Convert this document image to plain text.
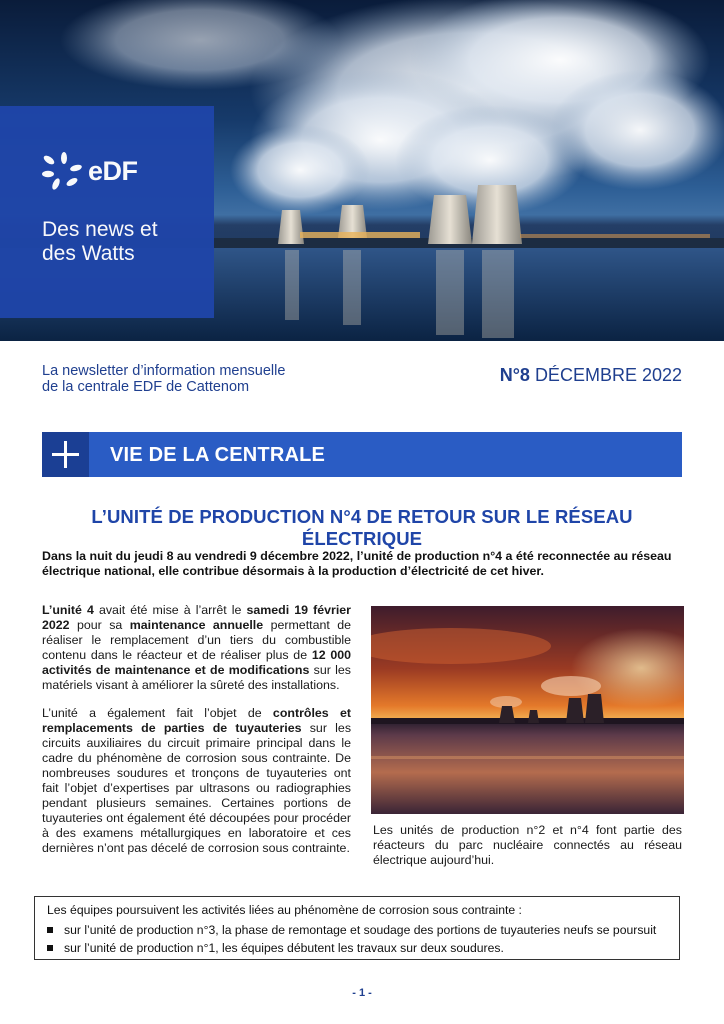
eDF
Des news et
des Watts
La newsletter d’information mensuelle
de la centrale EDF de Cattenom
N°8 DÉCEMBRE 2022
VIE DE LA CENTRALE
L’UNITÉ DE PRODUCTION N°4 DE RETOUR SUR LE RÉSEAU ÉLECTRIQUE
Dans la nuit du jeudi 8 au vendredi 9 décembre 2022, l’unité de production n°4 a été reconnectée au réseau électrique national, elle contribue désormais à la production d’électricité de cet hiver.

L’unité 4 avait été mise à l’arrêt le samedi 19 février 2022 pour sa maintenance annuelle permettant de réaliser le remplacement d’un tiers du combustible contenu dans le réacteur et de réaliser plus de 12 000 activités de maintenance et de modifications sur les matériels visant à améliorer la sûreté des installations.

L’unité a également fait l’objet de contrôles et remplacements de parties de tuyauteries sur les circuits auxiliaires du circuit primaire principal dans le cadre du phénomène de corrosion sous contrainte. De nombreuses soudures et tronçons de tuyauteries ont fait l’objet d’expertises par ultrasons ou radiographies pendant plusieurs semaines. Certaines portions de tuyauteries ont également été découpées pour procéder à des examens métallurgiques en laboratoire et ces dernières n’ont pas décelé de corrosion sous contrainte.

Les unités de production n°2 et n°4 font partie des réacteurs du parc nucléaire connectés au réseau électrique aujourd’hui.
Les équipes poursuivent les activités liées au phénomène de corrosion sous contrainte :
sur l’unité de production n°3, la phase de remontage et soudage des portions de tuyauteries neufs se poursuit
sur l’unité de production n°1, les équipes débutent les travaux sur deux soudures.
- 1 -
